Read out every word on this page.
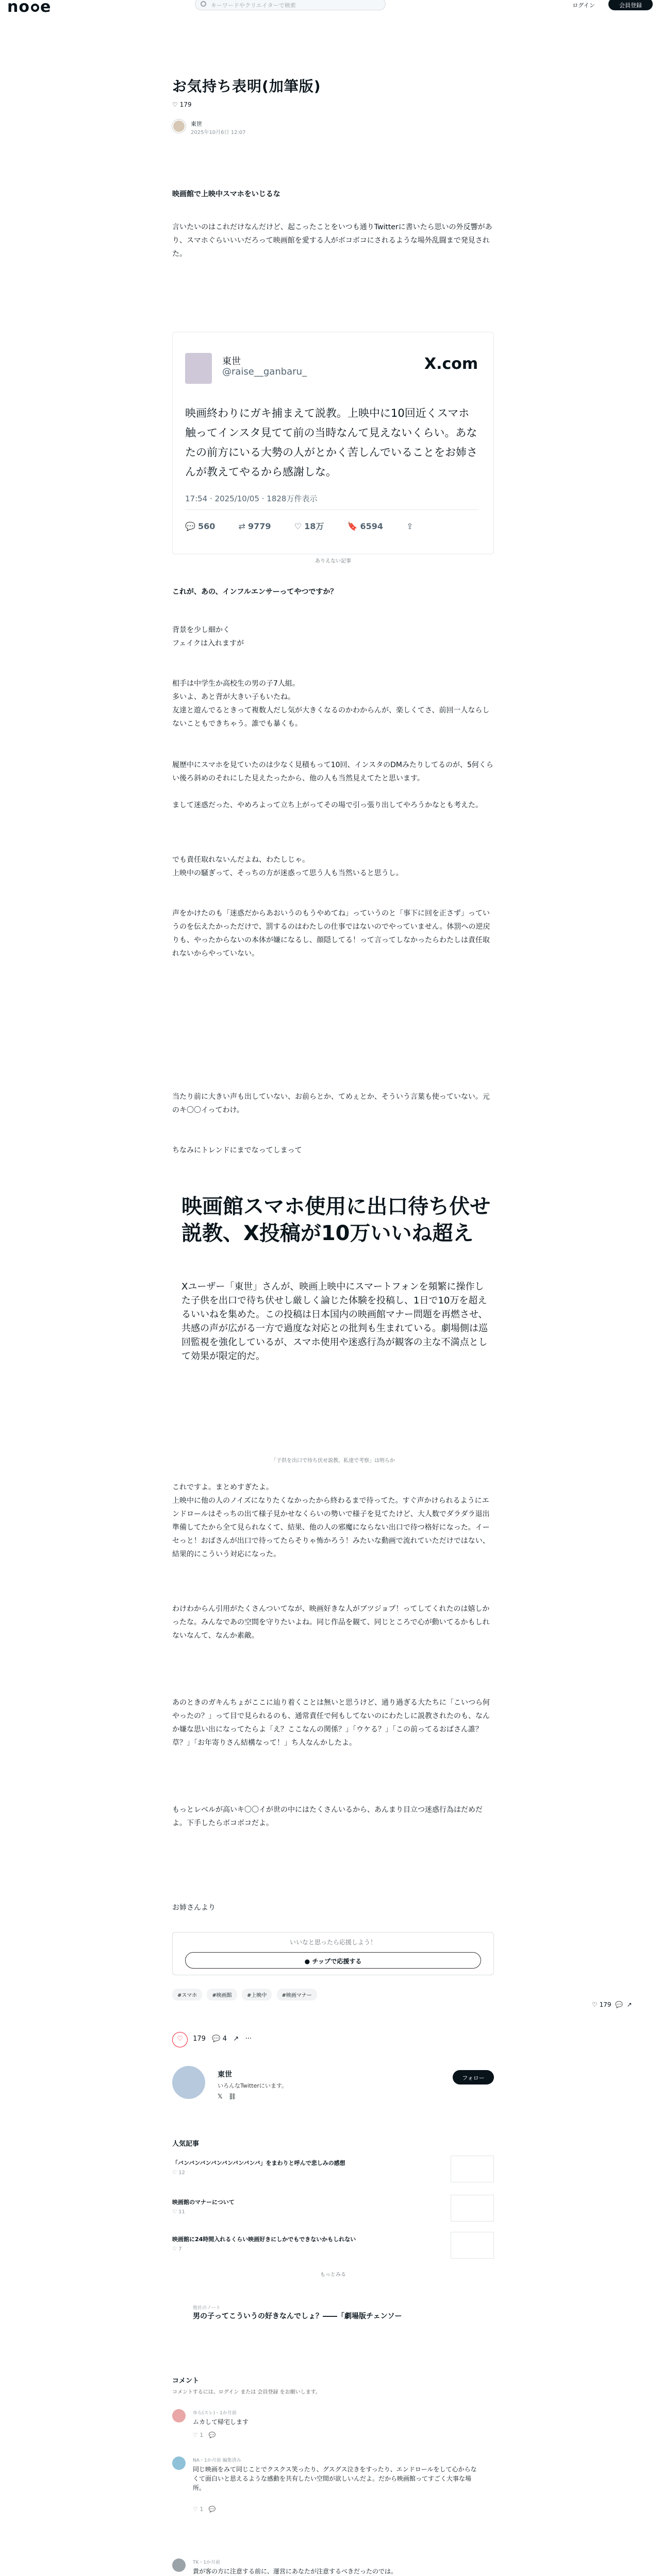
no e	キーワードやクリエイターで検索	ログイン	会員登録
♡ 179  💬  ↗
お気持ち表明(加筆版)
♡ 179
東世
2025年10月6日 12:07
映画館で上映中スマホをいじるな
言いたいのはこれだけなんだけど、起こったことをいつも通りTwitterに書いたら思いの外反響があり、スマホぐらいいいだろって映画館を愛する人がボコボコにされるような場外乱闘まで発見された。
東世
@raise__ganbaru_	X.com
映画終わりにガキ捕まえて説教。上映中に10回近くスマホ触ってインスタ見てて前の当時なんて見えないくらい。あなたの前方にいる大勢の人がとかく苦しんでいることをお姉さんが教えてやるから感謝しな。
17:54 · 2025/10/05 · 1828万件表示
💬 560	⇄ 9779	♡ 18万	🔖 6594	⇪
ありえない記事
これが、あの、インフルエンサーってやつですか？
背景を少し細かく
フェイクは入れますが
相手は中学生か高校生の男の子7人組。
多いよ、あと背が大きい子もいたね。
友達と遊んでるときって複数人だし気が大きくなるのかわからんが、楽しくてさ、前回一人ならしないこともできちゃう。誰でも暴くも。
履歴中にスマホを見ていたのは少なく見積もって10回、インスタのDMみたりしてるのが、5何くらい後ろ斜めのそれにした見えたったから、他の人も当然見えてたと思います。
まして迷惑だった、やめろよって立ち上がってその場で引っ張り出してやろうかなとも考えた。
でも責任取れないんだよね、わたしじゃ。
上映中の騒ぎって、そっちの方が迷惑って思う人も当然いると思うし。
声をかけたのも「迷惑だからあおいうのもうやめてね」っていうのと「事下に回を正さず」っていうのを伝えたかっただけで、罰するのはわたしの仕事ではないのでやっていません。体罰への逆戻りも、やったからないの本体が嫌になるし、顔隠してる！って言ってしなかったらわたしは責任取れないからやっていない。
当たり前に大きい声も出していない、お前らとか、てめぇとか、そういう言葉も使っていない。元のキ〇〇イってわけ。
ちなみにトレンドにまでなってしまって
映画館スマホ使用に出口待ち伏せ説教、X投稿が10万いいね超え

Xユーザー「東世」さんが、映画上映中にスマートフォンを頻繁に操作した子供を出口で待ち伏せし厳しく論じた体験を投稿し、1日で10万を超えるいいねを集めた。この投稿は日本国内の映画館マナー問題を再燃させ、共感の声が広がる一方で過度な対応との批判も生まれている。劇場側は巡回監視を強化しているが、スマホ使用や迷惑行為が観客の主な不満点として効果が限定的だ。

「子供を出口で待ち伏せ説教、私達で考察」は明らか
これですよ。まとめすぎたよ。
上映中に他の人のノイズになりたくなかったから終わるまで待ってた。すぐ声かけられるようにエンドロールはそっちの出て様子見かせなくらいの勢いで様子を見てたけど、大人数でダラダラ退出準備してたから全て見られなくて、結果、他の人の邪魔にならない出口で待つ格好になった。イーセっと！おばさんが出口で待ってたらそりゃ怖かろう！みたいな動画で流れていただけではない、結果的にこういう対応になった。
わけわからん引用がたくさんついてなが、映画好きな人がブツジョプ！ってしてくれたのは嬉しかったな。みんなであの空間を守りたいよね。同じ作品を観て、同じところで心が動いてるかもしれないなんて、なんか素敵。
あのときのガキんちょがここに辿り着くことは無いと思うけど、通り過ぎる大たちに「こいつら何やったの？」って目で見られるのも、通常責任で何もしてないのにわたしに説教されたのも、なんか嫌な思い出になってたらよ「え？ここなんの関係？」「ウケる？」「この前ってるおばさん誰？草？」「お年寄りさん結構なって！」ち人なんかしたよ。
もっとレベルが高いキ〇〇イが世の中にはたくさんいるから、あんまり目立つ迷惑行為はだめだよ。下手したらボコボコだよ。
お姉さんより
いいなと思ったら応援しよう！
● チップで応援する
#スマホ	#映画館	#上映中	#映画マナー
♡ 179 💬 4 ↗ ···
東世
いろんなTwitterにいます。
𝕏 ⛓
フォロー
人気記事
「バンバンバンバンバンバンバンバ」をまわりと呼んで悲しみの感想
♡ 12
映画館のマナーについて
♡ 11
映画館に24時間入れるくらい映画好きにしかでもできないかもしれない
♡ 7
もっとみる
他社のノート
男の子ってこういうの好きなんでしょ？――「劇場版チェンソー
コメント
コメントするには、ログイン または 会員登録 をお願いします。
ゆら(スレ)・1か月前
ムカして帰宅します
♡ 1   💬
NA・1か月前 編集済み
同じ映画をみて同じことでクスクス笑ったり、グスグス泣きをすったり、エンドロールをして心からなくて面白いと思えるような感動を共有したい空間が欲しいんだよ。だから映画館ってすごく大事な場所。
♡ 1   💬
TK・1か月前
貴が客の方に注意する前に、運営にあなたが注意するべきだったのでは。
